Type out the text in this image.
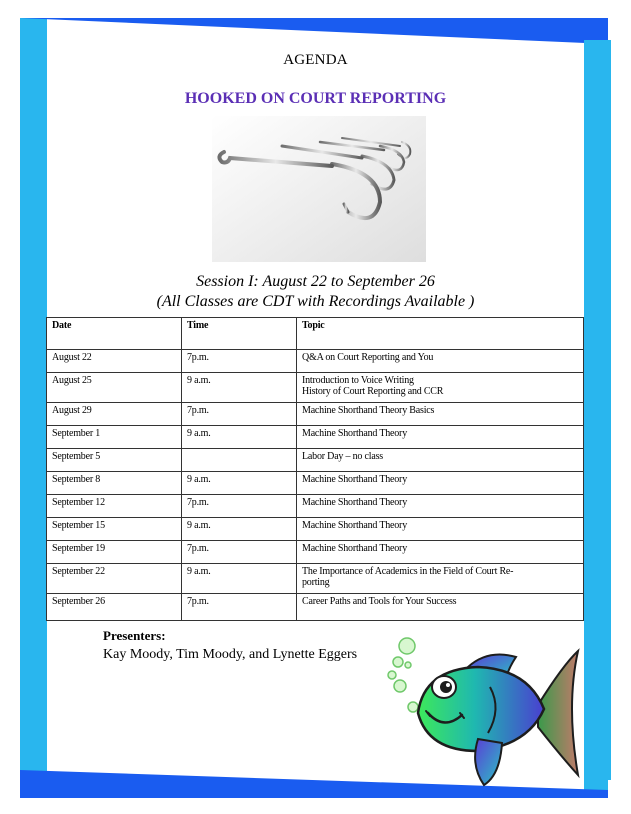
AGENDA
HOOKED ON COURT REPORTING
Session I: August 22 to September 26
(All Classes are CDT with Recordings Available )
Date	Time	Topic
August 22	7p.m.	Q&A on Court Reporting and You
August 25	9 a.m.	Introduction to Voice Writing
History of Court Reporting and CCR

August 29	7p.m.	Machine Shorthand Theory Basics
September 1	9 a.m.	Machine Shorthand Theory
September 5		Labor Day – no class
September 8	9 a.m.	Machine Shorthand Theory
September 12	7p.m.	Machine Shorthand Theory
September 15	9 a.m.	Machine Shorthand Theory
September 19	7p.m.	Machine Shorthand Theory
September 22	9 a.m.	The Importance of Academics in the Field of Court Re-
porting

September 26	7p.m.	Career Paths and Tools for Your Success
Presenters:
Kay Moody, Tim Moody, and Lynette Eggers
